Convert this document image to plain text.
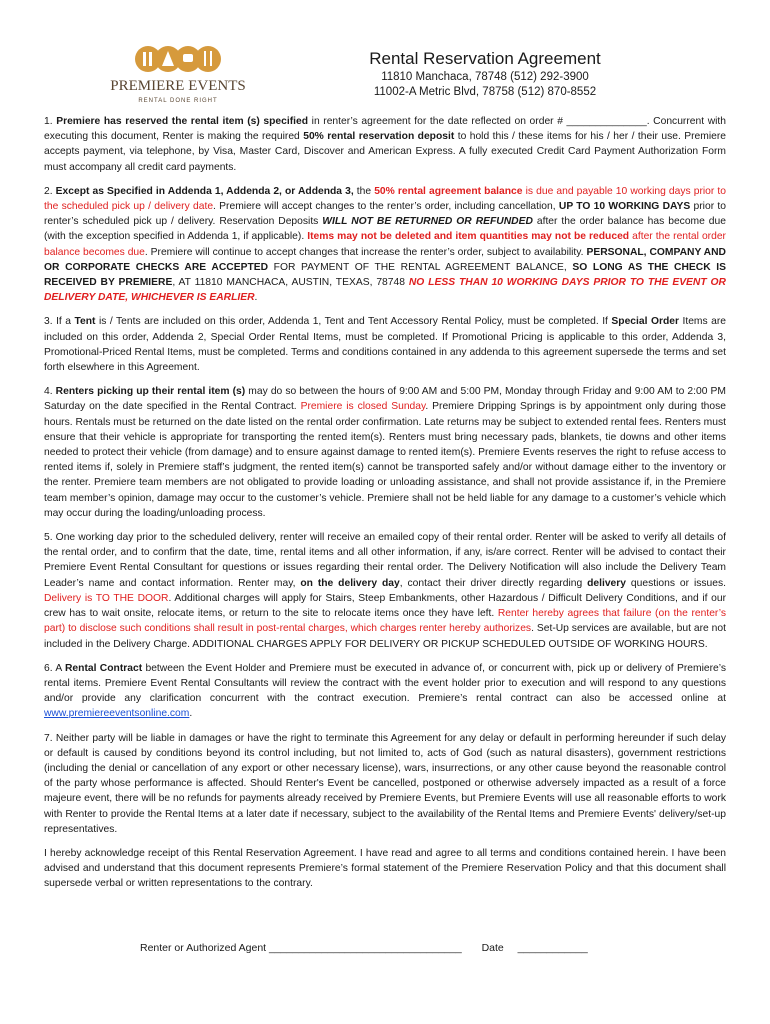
PREMIERE EVENTS
RENTAL DONE RIGHT
Rental Reservation Agreement

11810 Manchaca, 78748 (512) 292-3900

11002-A Metric Blvd, 78758 (512) 870-8552

1. Premiere has reserved the rental item (s) specified in renter’s agreement for the date reflected on order # ______________. Concurrent with executing this document, Renter is making the required 50% rental reservation deposit to hold this / these items for his / her / their use. Premiere accepts payment, via telephone, by Visa, Master Card, Discover and American Express. A fully executed Credit Card Payment Authorization Form must accompany all credit card payments.

2. Except as Specified in Addenda 1, Addenda 2, or Addenda 3, the 50% rental agreement balance is due and payable 10 working days prior to the scheduled pick up / delivery date. Premiere will accept changes to the renter’s order, including cancellation, UP TO 10 WORKING DAYS prior to renter’s scheduled pick up / delivery. Reservation Deposits WILL NOT BE RETURNED OR REFUNDED after the order balance has become due (with the exception specified in Addenda 1, if applicable). Items may not be deleted and item quantities may not be reduced after the rental order balance becomes due. Premiere will continue to accept changes that increase the renter’s order, subject to availability. PERSONAL, COMPANY AND OR CORPORATE CHECKS ARE ACCEPTED FOR PAYMENT OF THE RENTAL AGREEMENT BALANCE, SO LONG AS THE CHECK IS RECEIVED BY PREMIERE, AT 11810 MANCHACA, AUSTIN, TEXAS, 78748 NO LESS THAN 10 WORKING DAYS PRIOR TO THE EVENT OR DELIVERY DATE, WHICHEVER IS EARLIER.

3. If a Tent is / Tents are included on this order, Addenda 1, Tent and Tent Accessory Rental Policy, must be completed. If Special Order Items are included on this order, Addenda 2, Special Order Rental Items, must be completed. If Promotional Pricing is applicable to this order, Addenda 3, Promotional-Priced Rental Items, must be completed. Terms and conditions contained in any addenda to this agreement supersede the terms and set forth elsewhere in this Agreement.

4. Renters picking up their rental item (s) may do so between the hours of 9:00 AM and 5:00 PM, Monday through Friday and 9:00 AM to 2:00 PM Saturday on the date specified in the Rental Contract. Premiere is closed Sunday. Premiere Dripping Springs is by appointment only during those hours. Rentals must be returned on the date listed on the rental order confirmation. Late returns may be subject to extended rental fees. Renters must ensure that their vehicle is appropriate for transporting the rented item(s). Renters must bring necessary pads, blankets, tie downs and other items needed to protect their vehicle (from damage) and to ensure against damage to rented item(s). Premiere Events reserves the right to refuse access to rented items if, solely in Premiere staff’s judgment, the rented item(s) cannot be transported safely and/or without damage either to the inventory or the renter. Premiere team members are not obligated to provide loading or unloading assistance, and shall not provide assistance if, in the Premiere team member’s opinion, damage may occur to the customer’s vehicle. Premiere shall not be held liable for any damage to a customer’s vehicle which may occur during the loading/unloading process.

5. One working day prior to the scheduled delivery, renter will receive an emailed copy of their rental order. Renter will be asked to verify all details of the rental order, and to confirm that the date, time, rental items and all other information, if any, is/are correct. Renter will be advised to contact their Premiere Event Rental Consultant for questions or issues regarding their rental order. The Delivery Notification will also include the Delivery Team Leader’s name and contact information. Renter may, on the delivery day, contact their driver directly regarding delivery questions or issues. Delivery is TO THE DOOR. Additional charges will apply for Stairs, Steep Embankments, other Hazardous / Difficult Delivery Conditions, and if our crew has to wait onsite, relocate items, or return to the site to relocate items once they have left. Renter hereby agrees that failure (on the renter’s part) to disclose such conditions shall result in post-rental charges, which charges renter hereby authorizes. Set-Up services are available, but are not included in the Delivery Charge. ADDITIONAL CHARGES APPLY FOR DELIVERY OR PICKUP SCHEDULED OUTSIDE OF WORKING HOURS.

6. A Rental Contract between the Event Holder and Premiere must be executed in advance of, or concurrent with, pick up or delivery of Premiere’s rental items. Premiere Event Rental Consultants will review the contract with the event holder prior to execution and will respond to any questions and/or provide any clarification concurrent with the contract execution. Premiere’s rental contract can also be accessed online at www.premiereeventsonline.com.

7. Neither party will be liable in damages or have the right to terminate this Agreement for any delay or default in performing hereunder if such delay or default is caused by conditions beyond its control including, but not limited to, acts of God (such as natural disasters), government restrictions (including the denial or cancellation of any export or other necessary license), wars, insurrections, or any other cause beyond the reasonable control of the party whose performance is affected. Should Renter's Event be cancelled, postponed or otherwise adversely impacted as a result of a force majeure event, there will be no refunds for payments already received by Premiere Events, but Premiere Events will use all reasonable efforts to work with Renter to provide the Rental Items at a later date if necessary, subject to the availability of the Rental Items and Premiere Events' delivery/set-up representatives.

I hereby acknowledge receipt of this Rental Reservation Agreement. I have read and agree to all terms and conditions contained herein. I have been advised and understand that this document represents Premiere’s formal statement of the Premiere Reservation Policy and that this document shall supersede verbal or written representations to the contrary.

Renter or Authorized Agent _________________________________ Date ____________
